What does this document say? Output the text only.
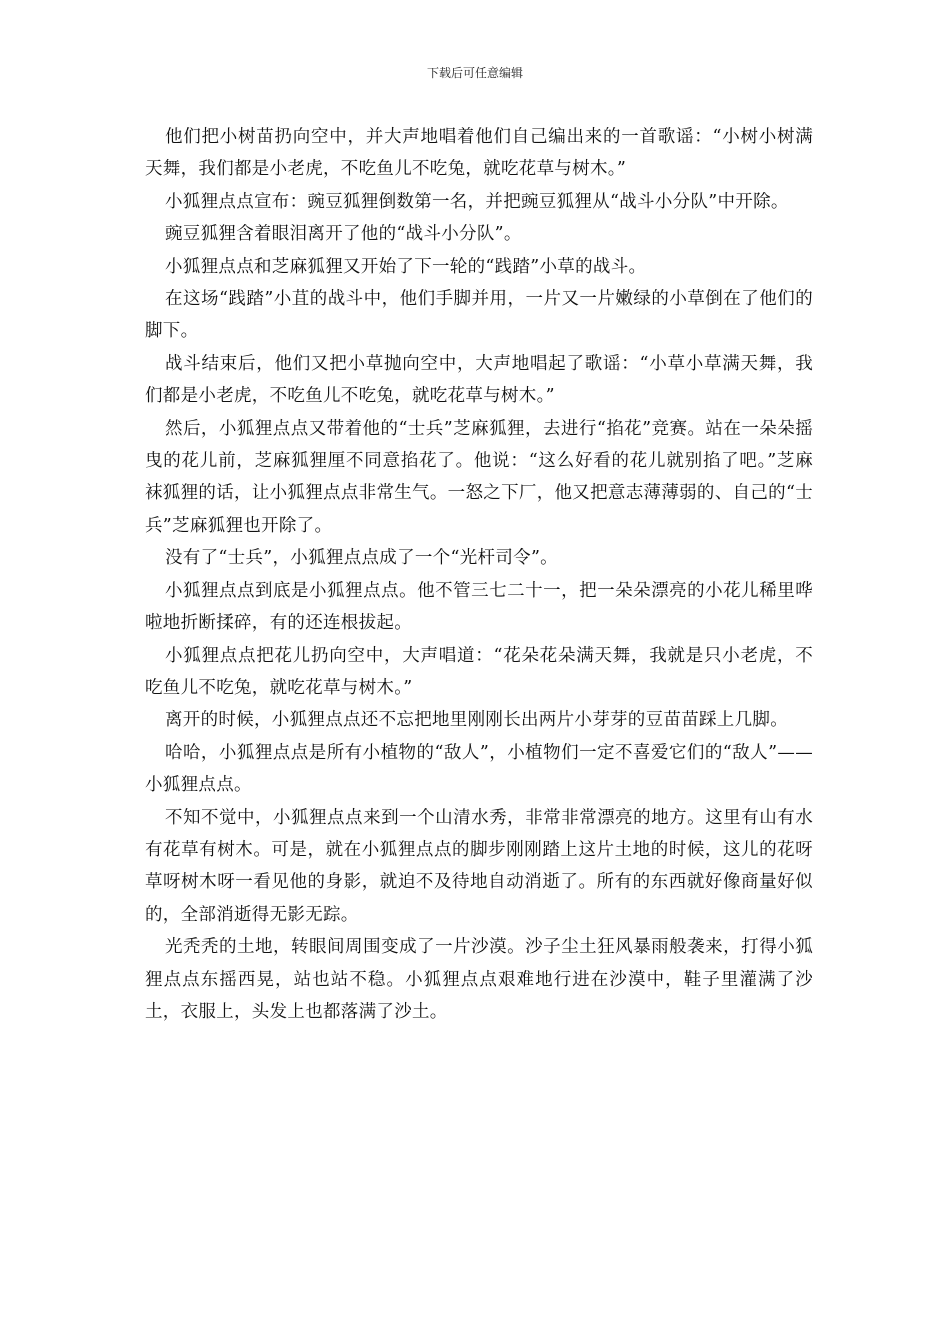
下载后可任意编辑

他们把小树苗扔向空中，并大声地唱着他们自己编出来的一首歌谣：“小树小树满天舞，我们都是小老虎，不吃鱼儿不吃兔，就吃花草与树木。”

小狐狸点点宣布：豌豆狐狸倒数第一名，并把豌豆狐狸从“战斗小分队”中开除。

豌豆狐狸含着眼泪离开了他的“战斗小分队”。

小狐狸点点和芝麻狐狸又开始了下一轮的“践踏”小草的战斗。

在这场“践踏”小苴的战斗中，他们手脚并用，一片又一片嫩绿的小草倒在了他们的脚下。

战斗结束后，他们又把小草抛向空中，大声地唱起了歌谣：“小草小草满天舞，我们都是小老虎，不吃鱼儿不吃兔，就吃花草与树木。”

然后，小狐狸点点又带着他的“士兵”芝麻狐狸，去进行“掐花”竞赛。站在一朵朵摇曳的花儿前，芝麻狐狸厘不同意掐花了。他说：“这么好看的花儿就别掐了吧。”芝麻袜狐狸的话，让小狐狸点点非常生气。一怒之下厂，他又把意志薄薄弱的、自己的“士兵”芝麻狐狸也开除了。

没有了“士兵”，小狐狸点点成了一个“光杆司令”。

小狐狸点点到底是小狐狸点点。他不管三七二十一，把一朵朵漂亮的小花儿稀里哗啦地折断揉碎，有的还连根拔起。

小狐狸点点把花儿扔向空中，大声唱道：“花朵花朵满天舞，我就是只小老虎，不吃鱼儿不吃兔，就吃花草与树木。”

离开的时候，小狐狸点点还不忘把地里刚刚长出两片小芽芽的豆苗苗踩上几脚。

哈哈，小狐狸点点是所有小植物的“敌人”，小植物们一定不喜爱它们的“敌人”——小狐狸点点。

不知不觉中，小狐狸点点来到一个山清水秀，非常非常漂亮的地方。这里有山有水有花草有树木。可是，就在小狐狸点点的脚步刚刚踏上这片土地的时候，这儿的花呀草呀树木呀一看见他的身影，就迫不及待地自动消逝了。所有的东西就好像商量好似的，全部消逝得无影无踪。

光秃秃的土地，转眼间周围变成了一片沙漠。沙子尘土狂风暴雨般袭来，打得小狐狸点点东摇西晃，站也站不稳。小狐狸点点艰难地行进在沙漠中，鞋子里灌满了沙土，衣服上，头发上也都落满了沙土。
